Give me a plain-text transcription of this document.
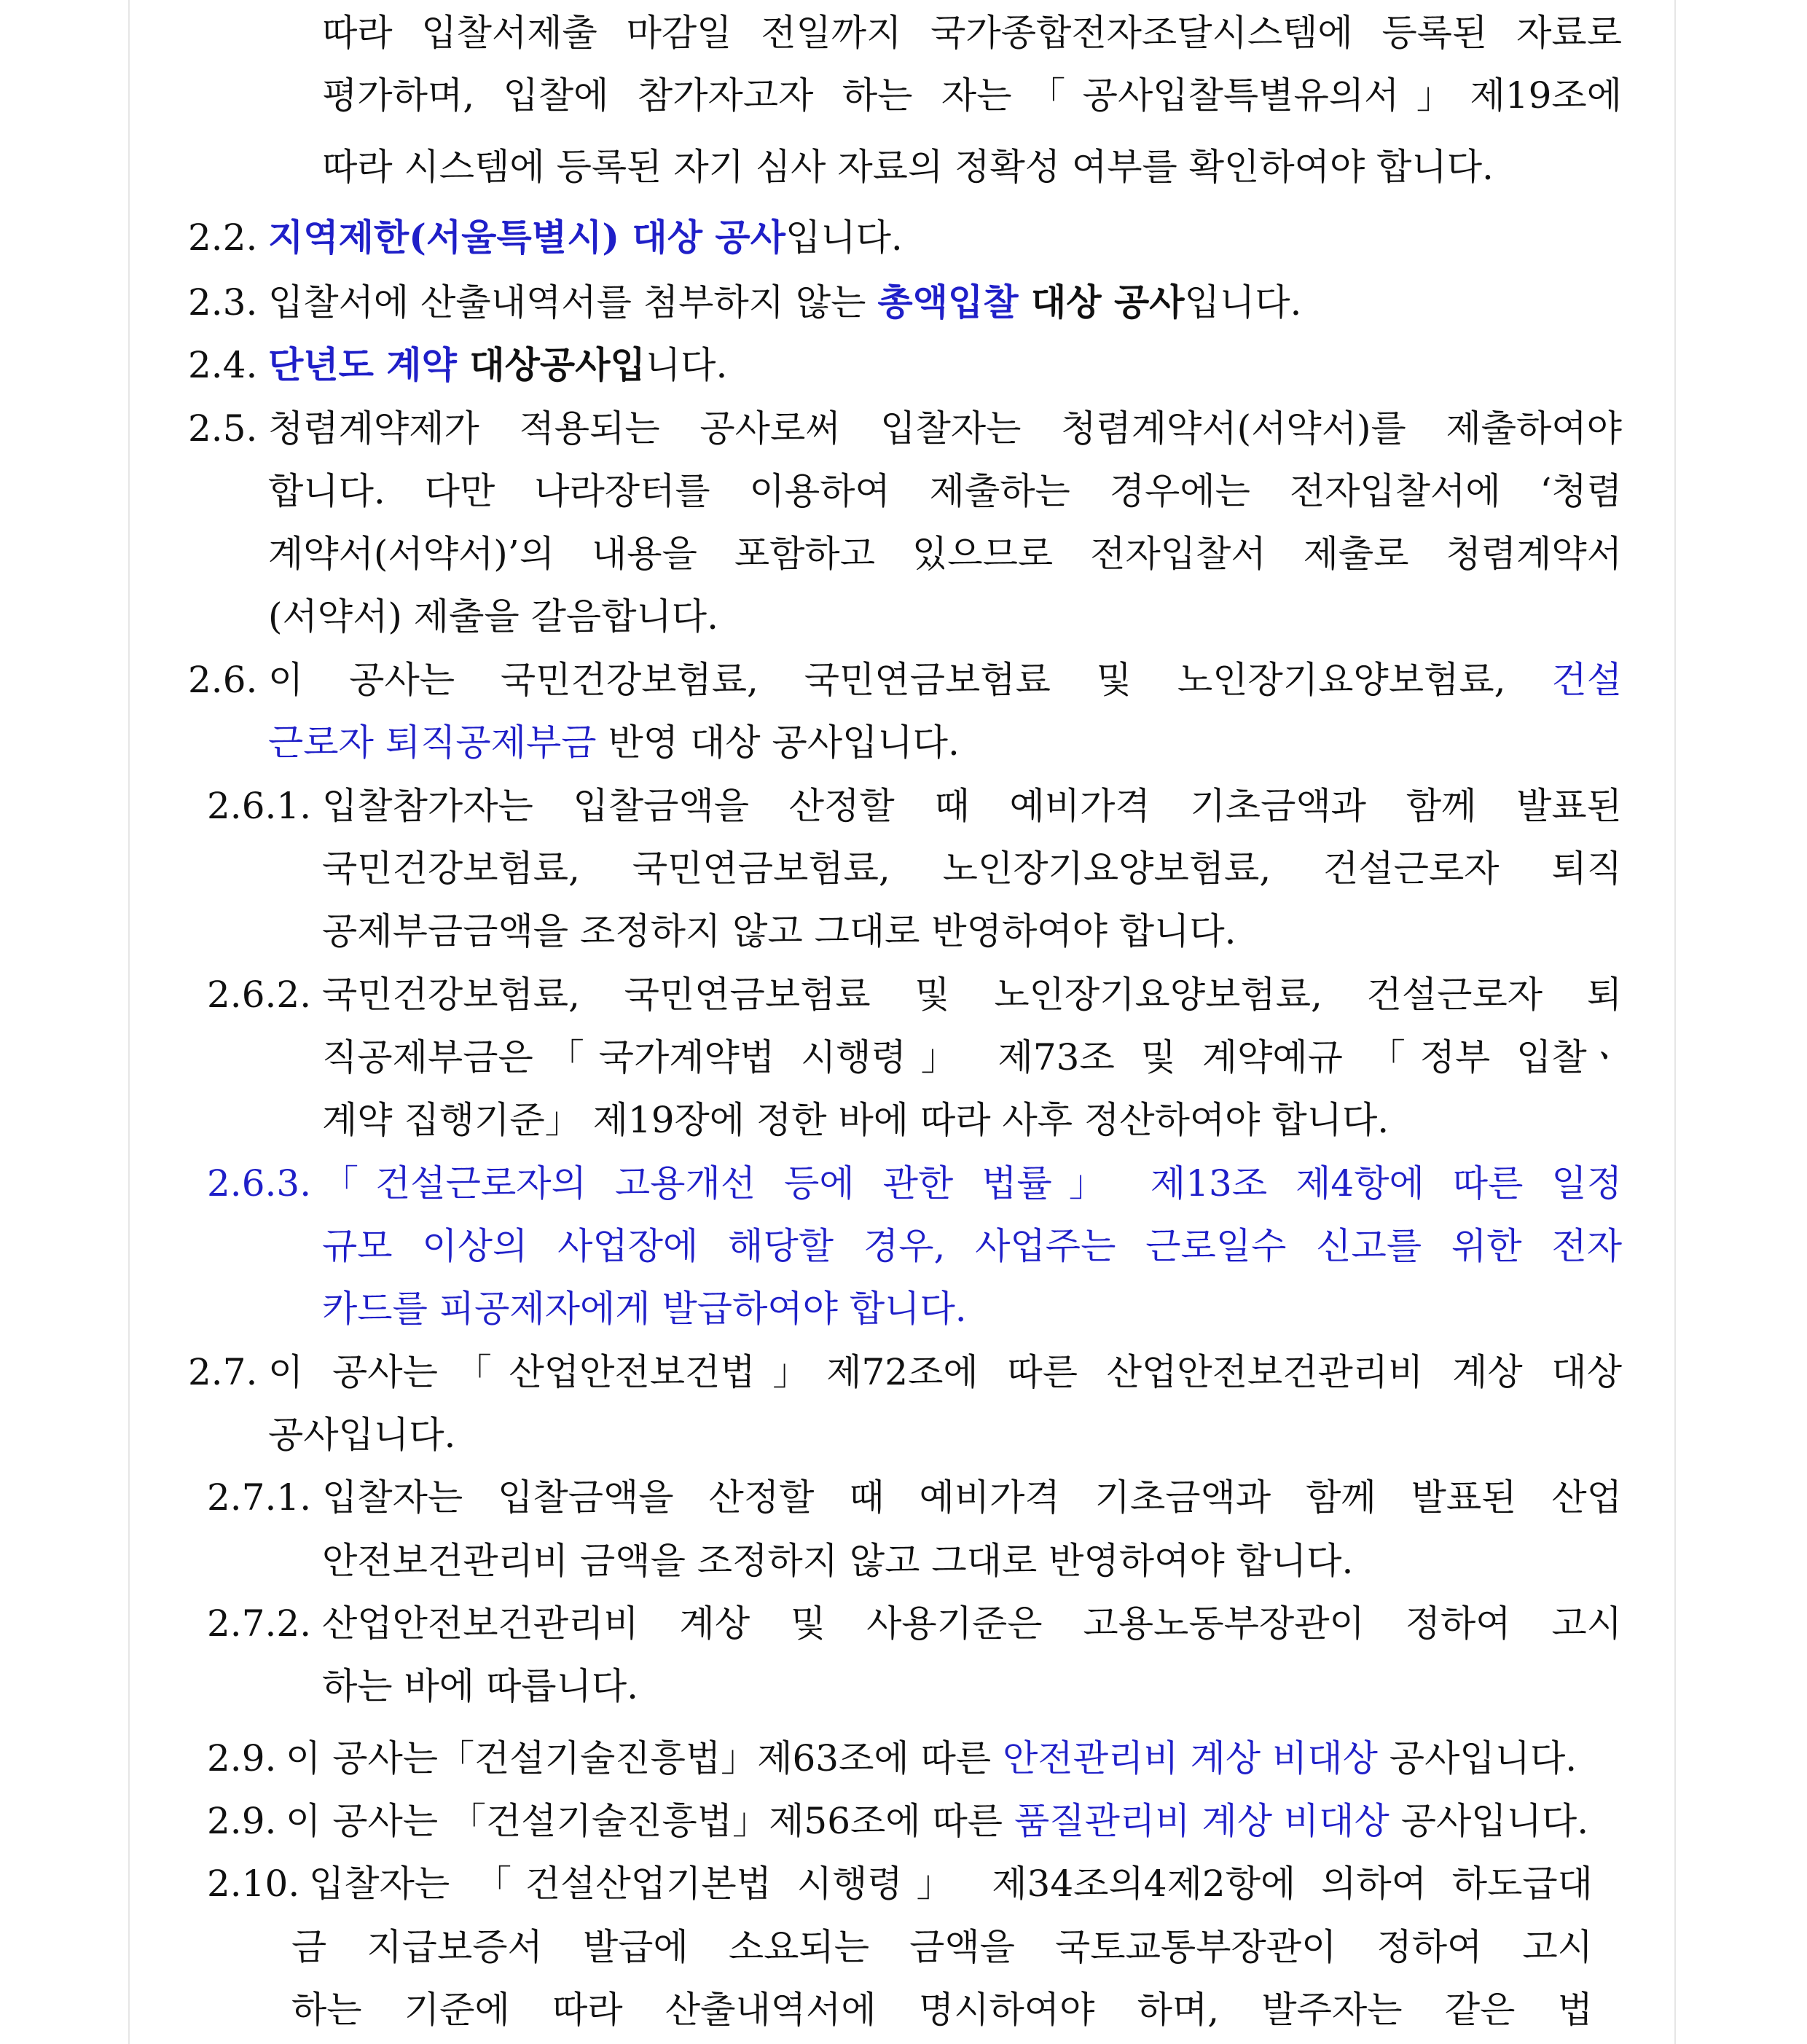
따라 입찰서제출 마감일 전일까지 국가종합전자조달시스템에 등록된 자료로
평가하며, 입찰에 참가자고자 하는 자는「공사입찰특별유의서」제19조에
따라 시스템에 등록된 자기 심사 자료의 정확성 여부를 확인하여야 합니다.
2.2. 지역제한(서울특별시) 대상 공사입니다.
2.3. 입찰서에 산출내역서를 첨부하지 않는 총액입찰 대상 공사입니다.
2.4. 단년도 계약 대상공사입니다.
2.5. 청렴계약제가 적용되는 공사로써 입찰자는 청렴계약서(서약서)를 제출하여야
합니다. 다만 나라장터를 이용하여 제출하는 경우에는 전자입찰서에 ‘청렴
계약서(서약서)’의 내용을 포함하고 있으므로 전자입찰서 제출로 청렴계약서
(서약서) 제출을 갈음합니다.
2.6. 이 공사는 국민건강보험료, 국민연금보험료 및 노인장기요양보험료, 건설
근로자 퇴직공제부금 반영 대상 공사입니다.
2.6.1. 입찰참가자는 입찰금액을 산정할 때 예비가격 기초금액과 함께 발표된
국민건강보험료, 국민연금보험료, 노인장기요양보험료, 건설근로자 퇴직
공제부금금액을 조정하지 않고 그대로 반영하여야 합니다.
2.6.2. 국민건강보험료, 국민연금보험료 및 노인장기요양보험료, 건설근로자 퇴
직공제부금은「국가계약법 시행령」 제73조 및 계약예규 「정부 입찰ㆍ
계약 집행기준」 제19장에 정한 바에 따라 사후 정산하여야 합니다.
2.6.3. 「건설근로자의 고용개선 등에 관한 법률」 제13조 제4항에 따른 일정
규모 이상의 사업장에 해당할 경우, 사업주는 근로일수 신고를 위한 전자
카드를 피공제자에게 발급하여야 합니다.
2.7. 이 공사는「산업안전보건법」제72조에 따른 산업안전보건관리비 계상 대상
공사입니다.
2.7.1. 입찰자는 입찰금액을 산정할 때 예비가격 기초금액과 함께 발표된 산업
안전보건관리비 금액을 조정하지 않고 그대로 반영하여야 합니다.
2.7.2. 산업안전보건관리비 계상 및 사용기준은 고용노동부장관이 정하여 고시
하는 바에 따릅니다.
2.9. 이 공사는「건설기술진흥법」제63조에 따른 안전관리비 계상 비대상 공사입니다.
2.9. 이 공사는 「건설기술진흥법」제56조에 따른 품질관리비 계상 비대상 공사입니다.
2.10. 입찰자는 「건설산업기본법 시행령」 제34조의4제2항에 의하여 하도급대
금 지급보증서 발급에 소요되는 금액을 국토교통부장관이 정하여 고시
하는 기준에 따라 산출내역서에 명시하여야 하며, 발주자는 같은 법
